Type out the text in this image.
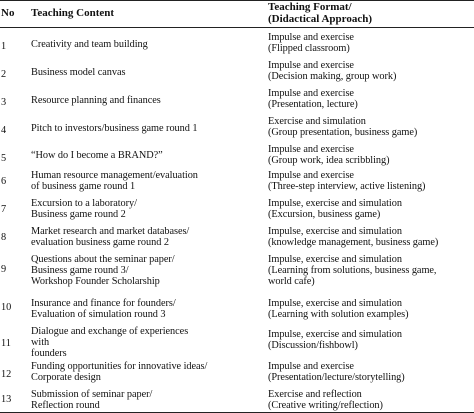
No Teaching Content	Teaching Format/
(Didactical Approach)
1 Creativity and team building
Impulse and exercise
(Flipped classroom)
2 Business model canvas
Impulse and exercise
(Decision making, group work)
3 Resource planning and finances
Impulse and exercise
(Presentation, lecture)
4 Pitch to investors/business game round 1
Exercise and simulation
(Group presentation, business game)
5 “How do I become a BRAND?”
Impulse and exercise
(Group work, idea scribbling)
6
Human resource management/evaluation
of business game round 1
Impulse and exercise
(Three-step interview, active listening)
7
Excursion to a laboratory/
Business game round 2
Impulse, exercise and simulation
(Excursion, business game)
8
Market research and market databases/
evaluation business game round 2
Impulse, exercise and simulation
(knowledge management, business game)
9
Questions about the seminar paper/
Business game round 3/
Workshop Founder Scholarship
Impulse, exercise and simulation
(Learning from solutions, business game,
world cafe)
10 Insurance and finance for founders/
Evaluation of simulation round 3
Impulse, exercise and simulation
(Learning with solution examples)
11
Dialogue and exchange of experiences
with
founders
Impulse, exercise and simulation
(Discussion/fishbowl)
12
Funding opportunities for innovative ideas/
Corporate design
Impulse and exercise
(Presentation/lecture/storytelling)
13 Submission of seminar paper/
Reflection round
Exercise and reflection
(Creative writing/reflection)
